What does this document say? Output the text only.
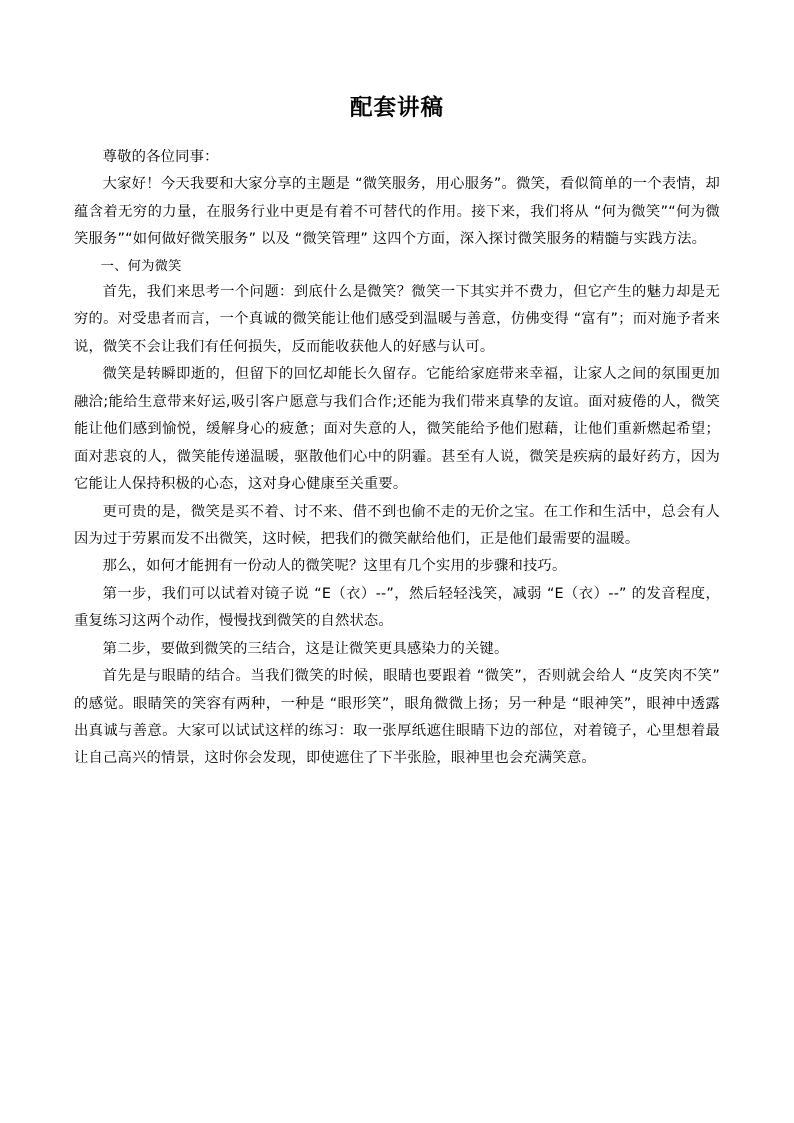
配套讲稿

尊敬的各位同事：

大家好！今天我要和大家分享的主题是 “微笑服务，用心服务”。微笑，看似简单的一个表情，却蕴含着无穷的力量，在服务行业中更是有着不可替代的作用。接下来，我们将从 “何为微笑”“何为微笑服务”“如何做好微笑服务” 以及 “微笑管理” 这四个方面，深入探讨微笑服务的精髓与实践方法。

一、何为微笑

首先，我们来思考一个问题：到底什么是微笑？微笑一下其实并不费力，但它产生的魅力却是无穷的。对受患者而言，一个真诚的微笑能让他们感受到温暖与善意，仿佛变得 “富有”；而对施予者来说，微笑不会让我们有任何损失，反而能收获他人的好感与认可。

微笑是转瞬即逝的，但留下的回忆却能长久留存。它能给家庭带来幸福，让家人之间的氛围更加融洽;能给生意带来好运,吸引客户愿意与我们合作;还能为我们带来真挚的友谊。面对疲倦的人，微笑能让他们感到愉悦，缓解身心的疲惫；面对失意的人，微笑能给予他们慰藉，让他们重新燃起希望；面对悲哀的人，微笑能传递温暖，驱散他们心中的阴霾。甚至有人说，微笑是疾病的最好药方，因为它能让人保持积极的心态，这对身心健康至关重要。

更可贵的是，微笑是买不着、讨不来、借不到也偷不走的无价之宝。在工作和生活中，总会有人因为过于劳累而发不出微笑，这时候，把我们的微笑献给他们，正是他们最需要的温暖。

那么，如何才能拥有一份动人的微笑呢？这里有几个实用的步骤和技巧。

第一步，我们可以试着对镜子说 “E（衣）--”，然后轻轻浅笑，减弱 “E（衣）--” 的发音程度，重复练习这两个动作，慢慢找到微笑的自然状态。

第二步，要做到微笑的三结合，这是让微笑更具感染力的关键。

首先是与眼睛的结合。当我们微笑的时候，眼睛也要跟着 “微笑”，否则就会给人 “皮笑肉不笑” 的感觉。眼睛笑的笑容有两种，一种是 “眼形笑”，眼角微微上扬；另一种是 “眼神笑”，眼神中透露出真诚与善意。大家可以试试这样的练习：取一张厚纸遮住眼睛下边的部位，对着镜子，心里想着最让自己高兴的情景，这时你会发现，即使遮住了下半张脸，眼神里也会充满笑意。
